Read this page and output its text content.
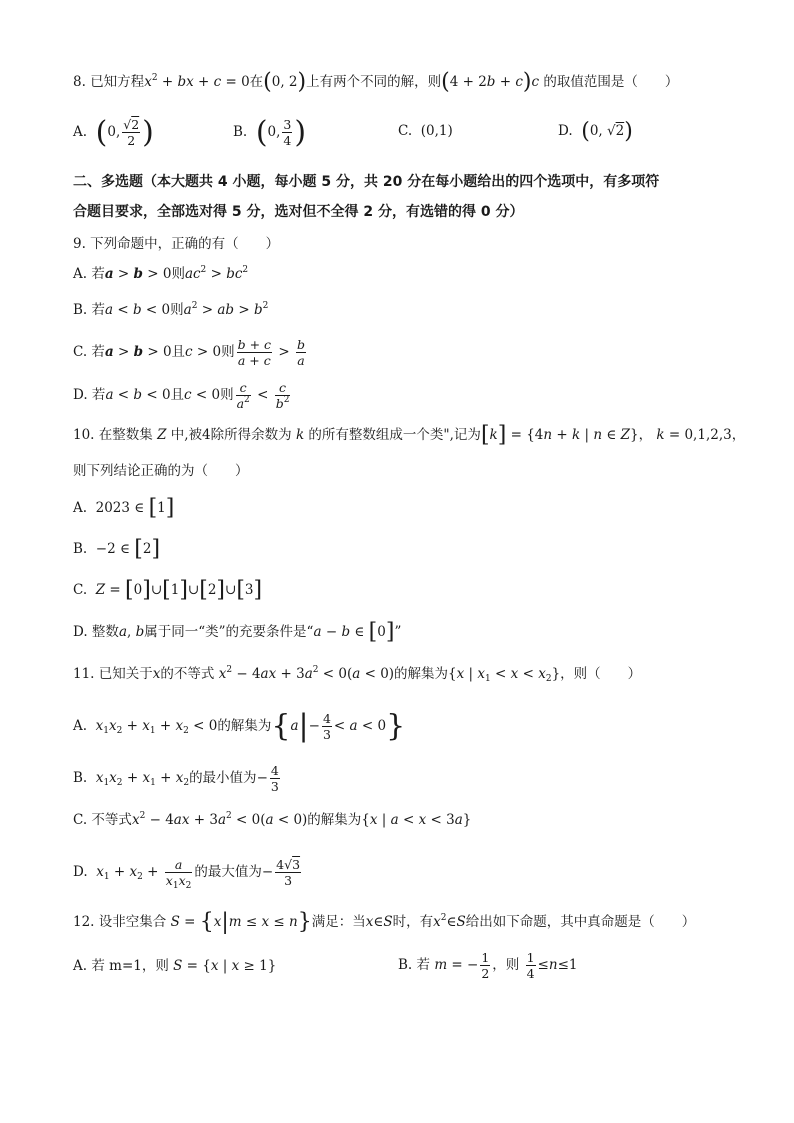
8. 已知方程$x^2$ + bx + c = 0在(0, 2)上有两个不同的解，则(4 + 2b + c)c 的取值范围是（　　）
A. (0, $\frac{√2}{2}$ )	B. (0, $\frac{3}{4}$ )	C.  (0,1)	D. (0, √2)
二、多选题（本大题共 4 小题，每小题 5 分，共 20 分在每小题给出的四个选项中，有多项符
合题目要求，全部选对得 5 分，选对但不全得 2 分，有选错的得 0 分）
9. 下列命题中，正确的有（　　）
A. 若a > b > 0则$ac^2 > bc^2$
B. 若a < b < 0则$a^2$ > ab > $b^2$
C. 若a > b > 0且c > 0则 $\frac{b + c}{a + c} > \frac{b}{a}$
D. 若a < b < 0且c < 0则 $\frac{c}{a^2} < \frac{c}{b^2}$
10. 在整数集 Z 中,被4除所得余数为 k 的所有整数组成一个类",记为[k] = {4n + k | n ∈ Z}， k = 0,1,2,3，
则下列结论正确的为（　　）
A.  2023 ∈ [1]
B.  −2 ∈ [2]
C. Z = [0]∪[1]∪[2]∪[3]
D. 整数a, b属于同一“类”的充要条件是“a − b ∈ [0]”
11. 已知关于x的不等式 $x^2 - 4ax + 3a^2 < 0(a < 0)$的解集为{x | $x_1 < x < x_2$}，则（　　）
A. $x_1x_2 + x_1 + x_2 < 0$的解集为$\{a|- \frac{4}{3} < a < 0\}$
B. $x_1x_2 + x_1 + x_2$的最小值为− $\frac{4}{3}$
C. 不等式$x^2 - 4ax + 3a^2 < 0(a < 0)$的解集为{x | a < x < 3a}
D. $x_1 + x_2 + \frac{a}{x_1x_2}$ 的最大值为− $\frac{4√3}{3}$
12. 设非空集合 S = {x|m ≤ x ≤ n}满足：当x∈S时，有$x^2\in S$给出如下命题，其中真命题是（　　）
A. 若 m=1，则 S = {x | x ≥ 1}	B. 若 m = − $\frac{1}{2}$ ，则 $\frac{1}{4} \le n\le 1$
